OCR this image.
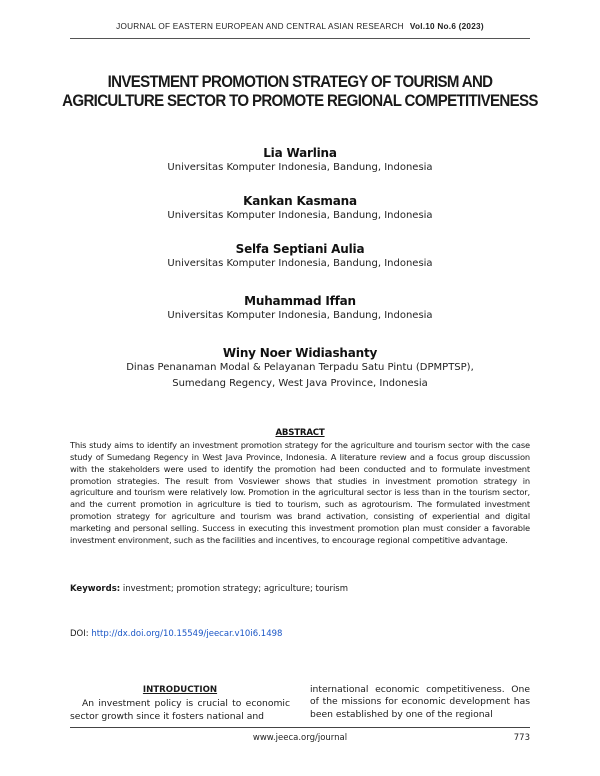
JOURNAL OF EASTERN EUROPEAN AND CENTRAL ASIAN RESEARCH Vol.10 No.6 (2023)
INVESTMENT PROMOTION STRATEGY OF TOURISM AND
AGRICULTURE SECTOR TO PROMOTE REGIONAL COMPETITIVENESS
Lia Warlina
Universitas Komputer Indonesia, Bandung, Indonesia
Kankan Kasmana
Universitas Komputer Indonesia, Bandung, Indonesia
Selfa Septiani Aulia
Universitas Komputer Indonesia, Bandung, Indonesia
Muhammad Iffan
Universitas Komputer Indonesia, Bandung, Indonesia
Winy Noer Widiashanty
Dinas Penanaman Modal & Pelayanan Terpadu Satu Pintu (DPMPTSP),
Sumedang Regency, West Java Province, Indonesia
ABSTRACT
This study aims to identify an investment promotion strategy for the agriculture and tourism sector with the case study of Sumedang Regency in West Java Province, Indonesia. A literature review and a focus group discussion with the stakeholders were used to identify the promotion had been conducted and to formulate investment promotion strategies. The result from Vosviewer shows that studies in investment promotion strategy in agriculture and tourism were relatively low. Promotion in the agricultural sector is less than in the tourism sector, and the current promotion in agriculture is tied to tourism, such as agrotourism. The formulated investment promotion strategy for agriculture and tourism was brand activation, consisting of experiential and digital marketing and personal selling. Success in executing this investment promotion plan must consider a favorable investment environment, such as the facilities and incentives, to encourage regional competitive advantage.
Keywords: investment; promotion strategy; agriculture; tourism
DOI: http://dx.doi.org/10.15549/jeecar.v10i6.1498
INTRODUCTION
An investment policy is crucial to economic sector growth since it fosters national and
international economic competitiveness. One of the missions for economic development has been established by one of the regional
www.jeeca.org/journal	773
